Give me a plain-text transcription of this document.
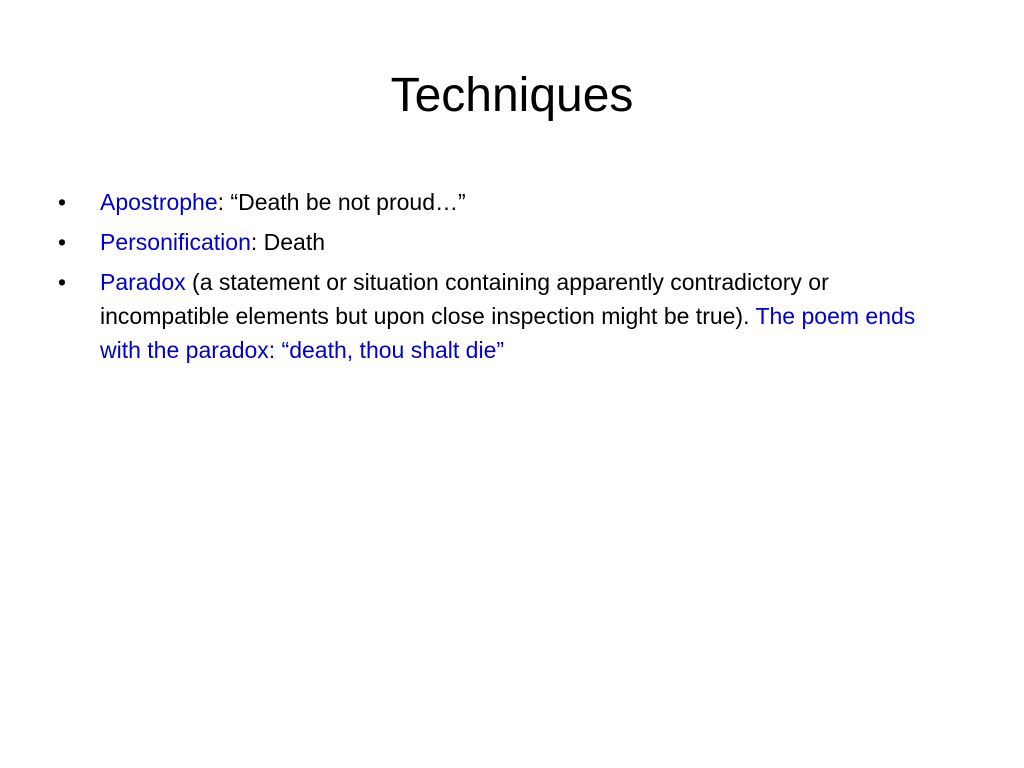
Techniques
•	Apostrophe: “Death be not proud…”
•	Personification: Death
•	Paradox (a statement or situation containing apparently contradictory or incompatible elements but upon close inspection might be true). The poem ends with the paradox: “death, thou shalt die”
